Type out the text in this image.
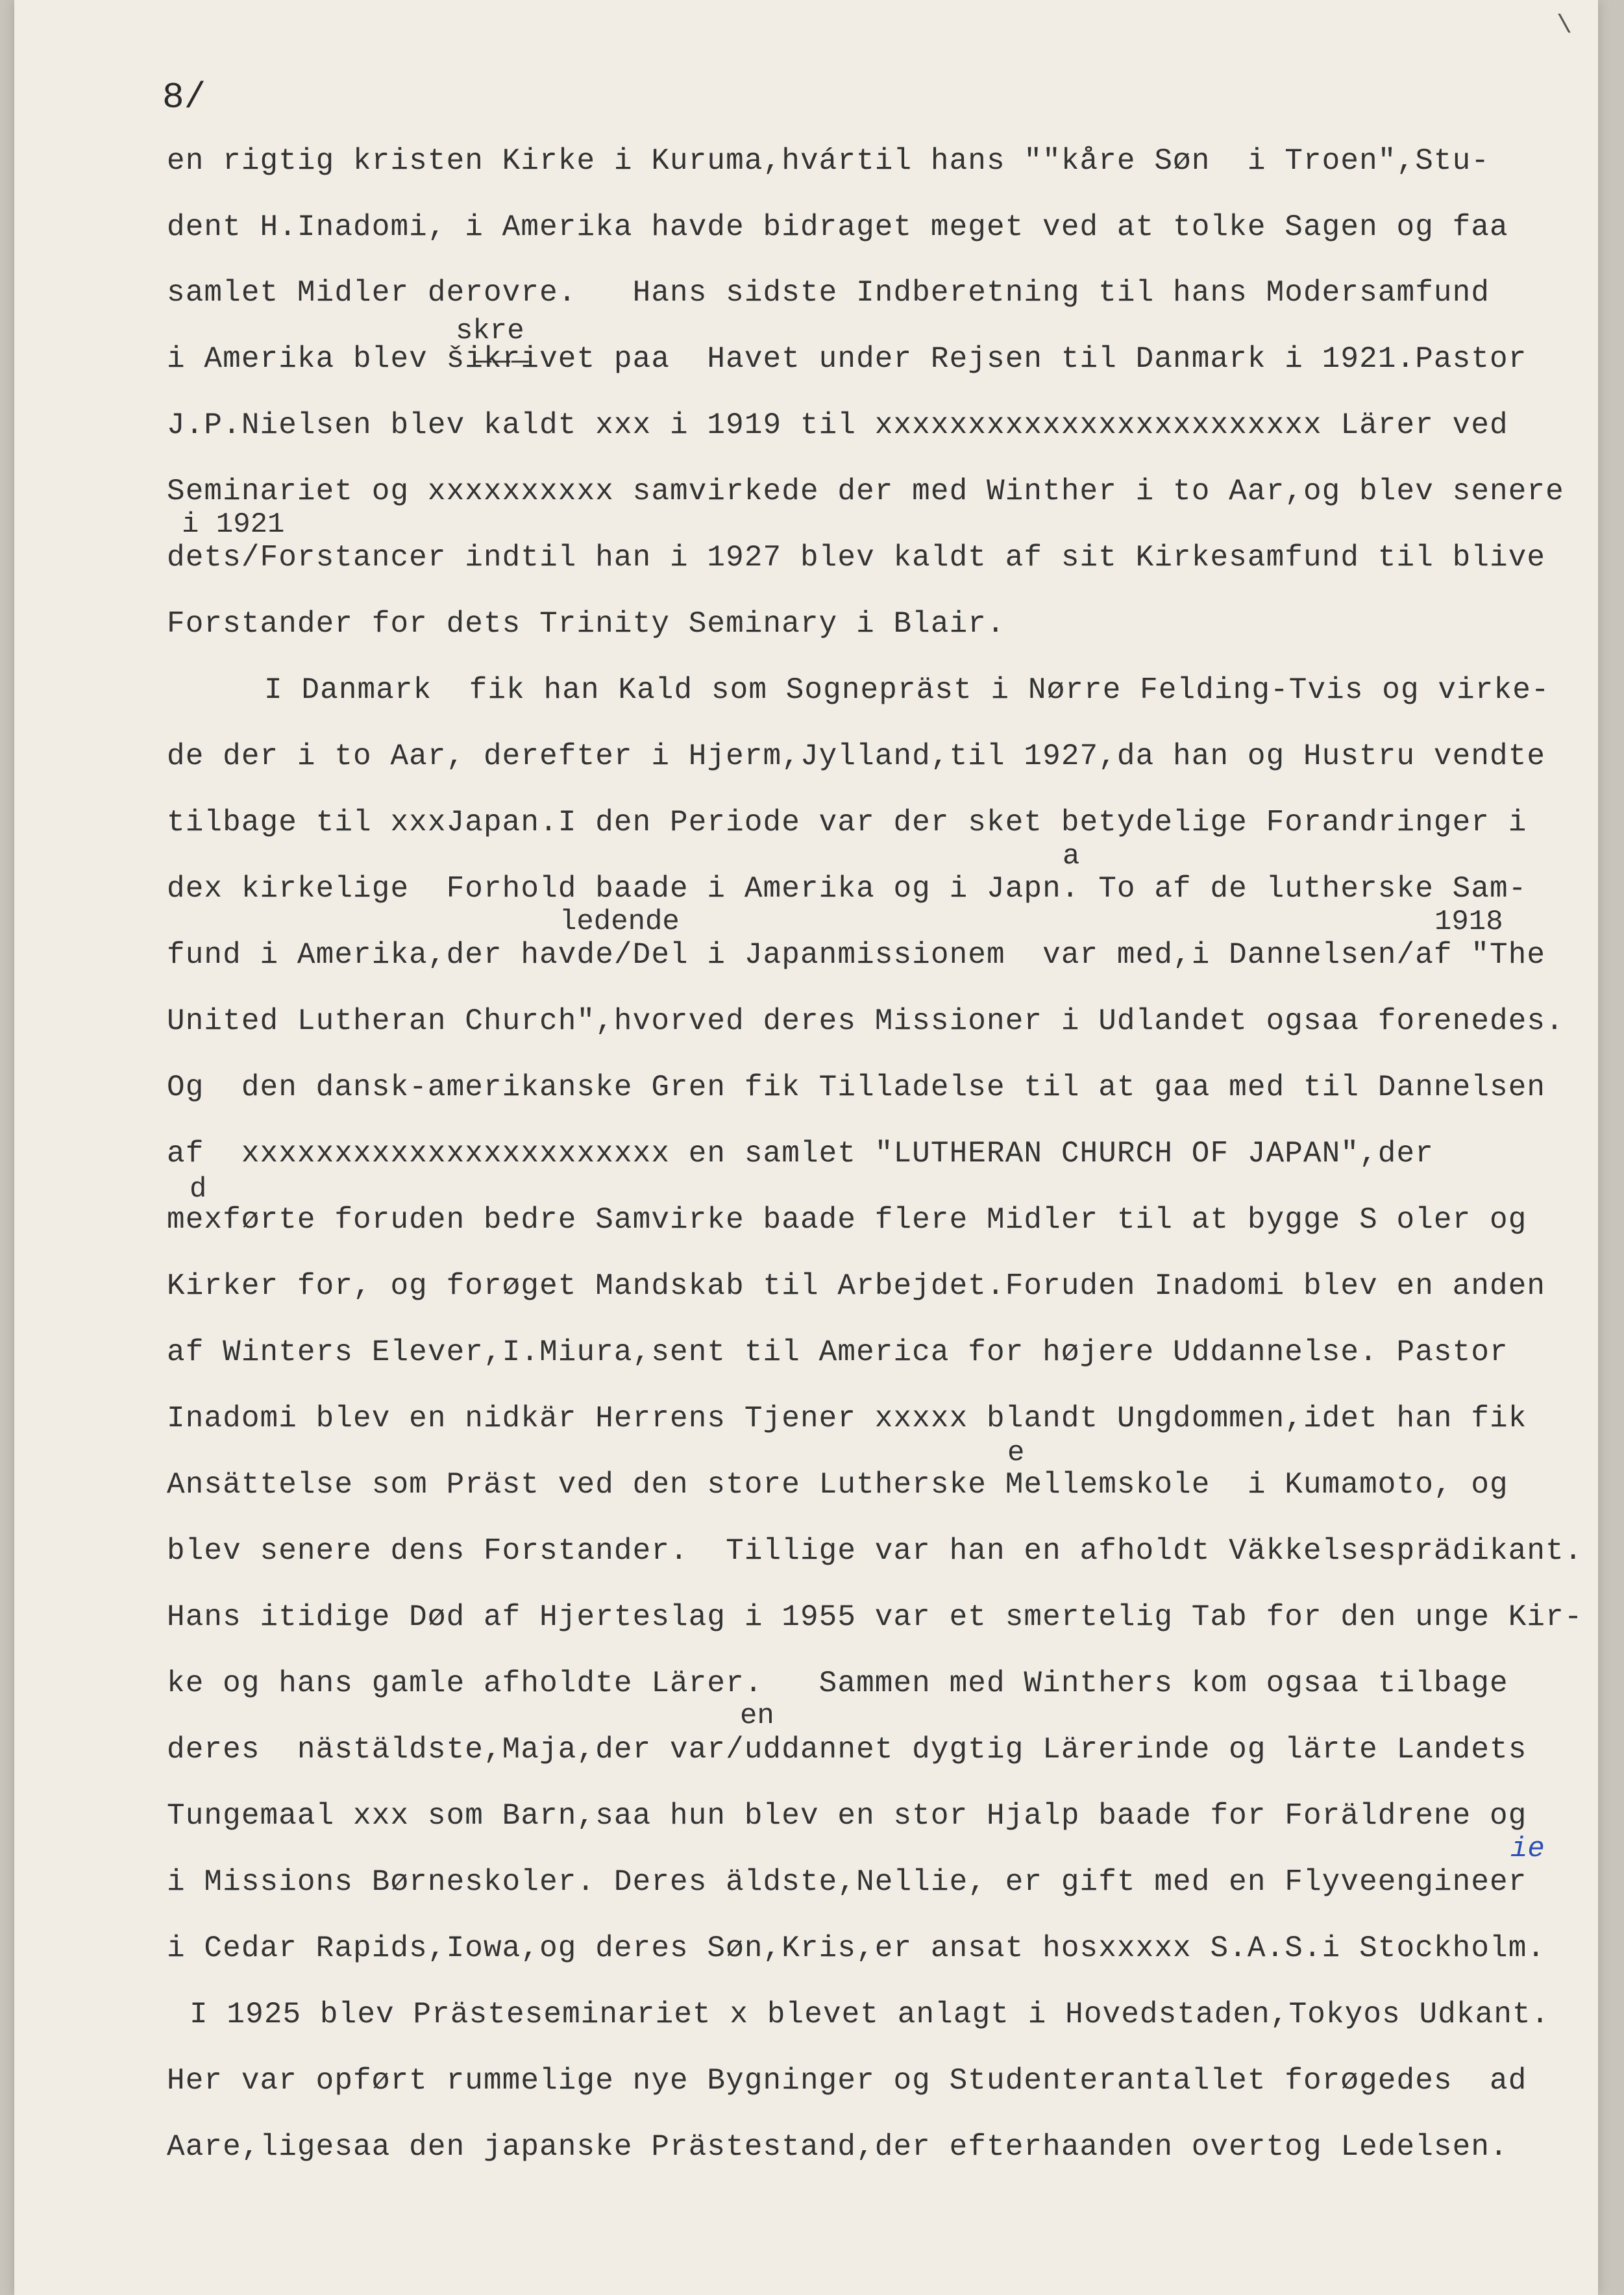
\
8/
skre
i 1921
a
ledende	1918
d
e
en
ie
en rigtig kristen Kirke i Kuruma,hvártil hans ""kåre Søn  i Troen",Stu-
dent H.Inadomi, i Amerika havde bidraget meget ved at tolke Sagen og faa
samlet Midler derovre.   Hans sidste Indberetning til hans Modersamfund
i Amerika blev ši̶k̶r̶ivet paa  Havet under Rejsen til Danmark i 1921.Pastor
J.P.Nielsen blev kaldt xxx i 1919 til xxxxxxxxxxxxxxxxxxxxxxxx Lärer ved
Seminariet og xxxxxxxxxx samvirkede der med Winther i to Aar,og blev senere
dets/Forstancer indtil han i 1927 blev kaldt af sit Kirkesamfund til blive
Forstander for dets Trinity Seminary i Blair.
I Danmark  fik han Kald som Sognepräst i Nørre Felding-Tvis og virke-
de der i to Aar, derefter i Hjerm,Jylland,til 1927,da han og Hustru vendte
tilbage til xxxJapan.I den Periode var der sket betydelige Forandringer i
dex kirkelige  Forhold baade i Amerika og i Japn. To af de lutherske Sam-
fund i Amerika,der havde/Del i Japanmissionem  var med,i Dannelsen/af "The
United Lutheran Church",hvorved deres Missioner i Udlandet ogsaa forenedes.
Og  den dansk-amerikanske Gren fik Tilladelse til at gaa med til Dannelsen
af  xxxxxxxxxxxxxxxxxxxxxxx en samlet "LUTHERAN CHURCH OF JAPAN",der
mexførte foruden bedre Samvirke baade flere Midler til at bygge S oler og
Kirker for, og forøget Mandskab til Arbejdet.Foruden Inadomi blev en anden
af Winters Elever,I.Miura,sent til America for højere Uddannelse. Pastor
Inadomi blev en nidkär Herrens Tjener xxxxx blandt Ungdommen,idet han fik
Ansättelse som Präst ved den store Lutherske Mellemskole  i Kumamoto, og
blev senere dens Forstander.  Tillige var han en afholdt Väkkelsesprädikant.
Hans itidige Død af Hjerteslag i 1955 var et smertelig Tab for den unge Kir-
ke og hans gamle afholdte Lärer.   Sammen med Winthers kom ogsaa tilbage
deres  nästäldste,Maja,der var/uddannet dygtig Lärerinde og lärte Landets
Tungemaal xxx som Barn,saa hun blev en stor Hjalp baade for Foräldrene og
i Missions Børneskoler. Deres äldste,Nellie, er gift med en Flyveengineer
i Cedar Rapids,Iowa,og deres Søn,Kris,er ansat hosxxxxx S.A.S.i Stockholm.
I 1925 blev Prästeseminariet x blevet anlagt i Hovedstaden,Tokyos Udkant.
Her var opført rummelige nye Bygninger og Studenterantallet forøgedes  ad
Aare,ligesaa den japanske Prästestand,der efterhaanden overtog Ledelsen.
